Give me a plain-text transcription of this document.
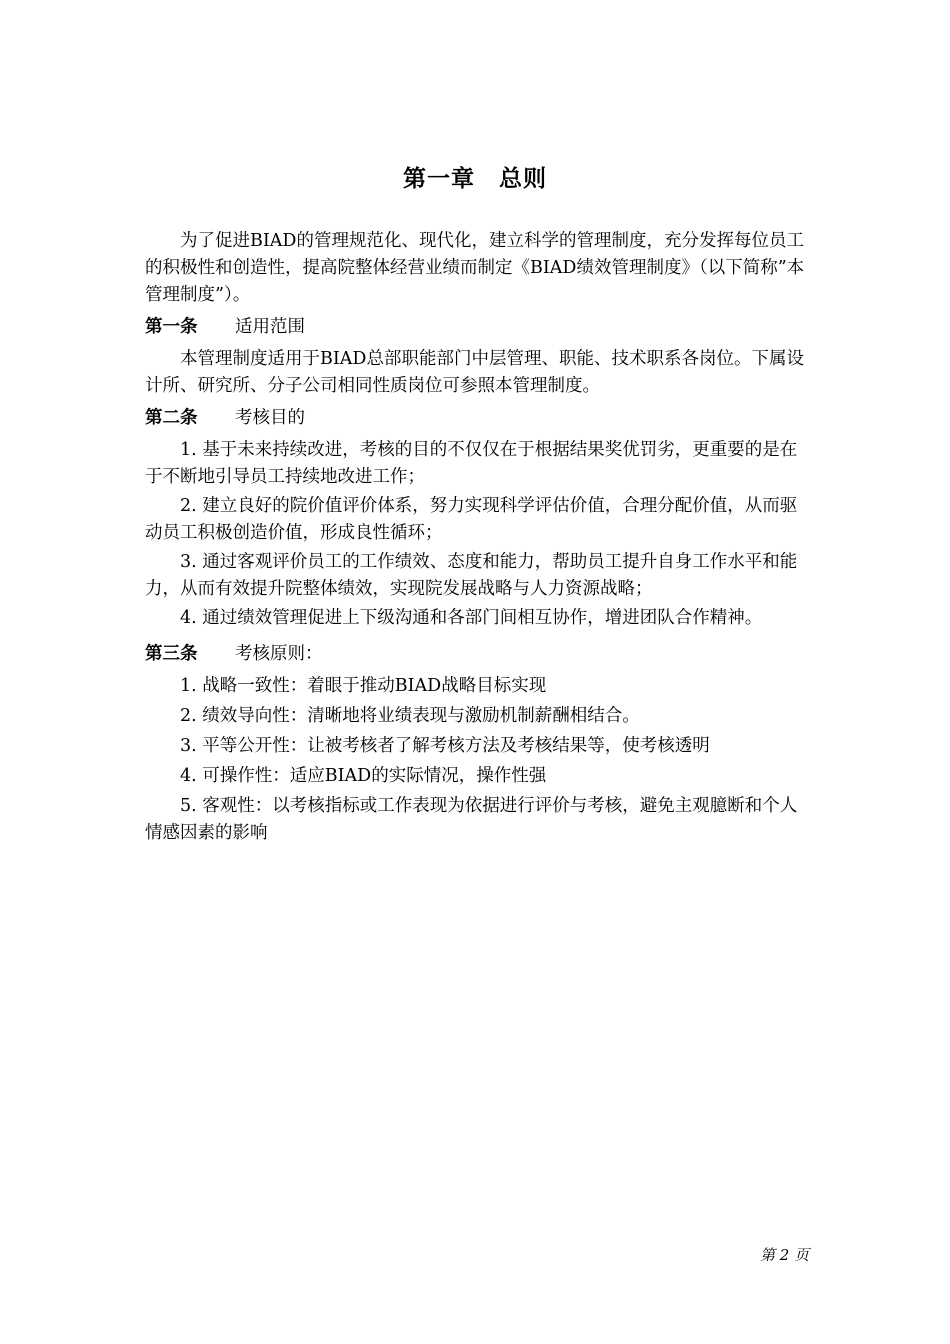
第一章　总则

为了促进BIAD的管理规范化、现代化，建立科学的管理制度，充分发挥每位员工的积极性和创造性，提高院整体经营业绩而制定《BIAD绩效管理制度》（以下简称”本管理制度”）。

第一条 适用范围

本管理制度适用于BIAD总部职能部门中层管理、职能、技术职系各岗位。下属设计所、研究所、分子公司相同性质岗位可参照本管理制度。

第二条 考核目的

1. 基于未来持续改进，考核的目的不仅仅在于根据结果奖优罚劣，更重要的是在于不断地引导员工持续地改进工作；

2. 建立良好的院价值评价体系，努力实现科学评估价值，合理分配价值，从而驱动员工积极创造价值，形成良性循环；

3. 通过客观评价员工的工作绩效、态度和能力，帮助员工提升自身工作水平和能力，从而有效提升院整体绩效，实现院发展战略与人力资源战略；

4. 通过绩效管理促进上下级沟通和各部门间相互协作，增进团队合作精神。

第三条 考核原则：

1. 战略一致性：着眼于推动BIAD战略目标实现

2. 绩效导向性：清晰地将业绩表现与激励机制薪酬相结合。

3. 平等公开性：让被考核者了解考核方法及考核结果等，使考核透明

4. 可操作性：适应BIAD的实际情况，操作性强

5. 客观性：以考核指标或工作表现为依据进行评价与考核，避免主观臆断和个人情感因素的影响

第 2 页
